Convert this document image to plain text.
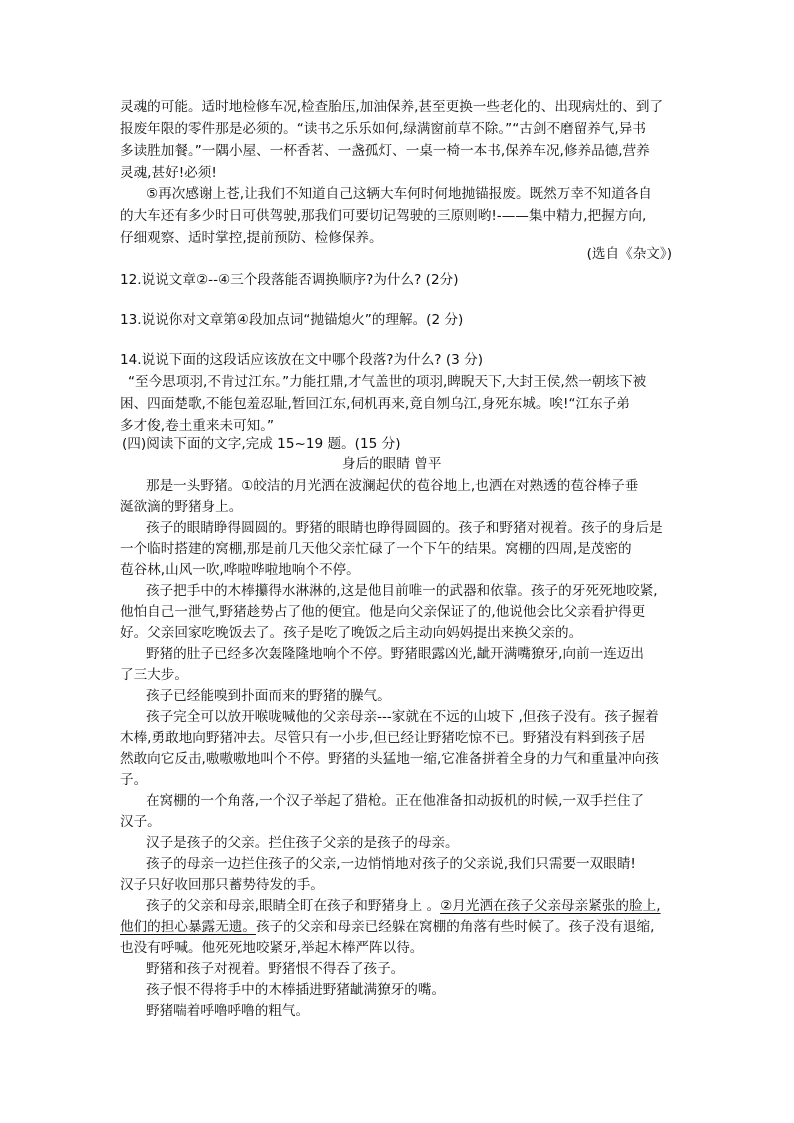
灵魂的可能。适时地检修车况,检查胎压,加油保养,甚至更换一些老化的、出现病灶的、到了
报废年限的零件那是必须的。“读书之乐乐如何,绿满窗前草不除。”“古剑不磨留养气,异书
多读胜加餐。”一隅小屋、一杯香茗、一盏孤灯、一桌一椅一本书,保养车况,修养品德,营养
灵魂,甚好!必须!
⑤再次感谢上苍,让我们不知道自己这辆大车何时何地抛锚报废。既然万幸不知道各自
的大车还有多少时日可供驾驶,那我们可要切记驾驶的三原则哟!-——集中精力,把握方向,
仔细观察、适时掌控,提前预防、检修保养。
(选自《杂文》)
12.说说文章②--④三个段落能否调换顺序?为什么? (2分)
13.说说你对文章第④段加点词“抛锚熄火”的理解。(2 分)
14.说说下面的这段话应该放在文中哪个段落?为什么? (3 分)
“至今思项羽,不肯过江东。”力能扛鼎,才气盖世的项羽,睥睨天下,大封王侯,然一朝垓下被
困、四面楚歌,不能包羞忍耻,暂回江东,伺机再来,竟自刎乌江,身死东城。唉!“江东子弟
多才俊,卷土重来未可知。”
(四)阅读下面的文字,完成 15~19 题。(15 分)
身后的眼睛 曾平
那是一头野猪。①皎洁的月光洒在波澜起伏的苞谷地上,也洒在对熟透的苞谷棒子垂
涎欲滴的野猪身上。
孩子的眼睛睁得圆圆的。野猪的眼睛也睁得圆圆的。孩子和野猪对视着。孩子的身后是
一个临时搭建的窝棚,那是前几天他父亲忙碌了一个下午的结果。窝棚的四周,是茂密的
苞谷林,山风一吹,哗啦哗啦地响个不停。
孩子把手中的木棒攥得水淋淋的,这是他目前唯一的武器和依靠。孩子的牙死死地咬紧,
他怕自己一泄气,野猪趁势占了他的便宜。他是向父亲保证了的,他说他会比父亲看护得更
好。父亲回家吃晚饭去了。孩子是吃了晚饭之后主动向妈妈提出来换父亲的。
野猪的肚子已经多次轰隆隆地响个不停。野猪眼露凶光,龇开满嘴獠牙,向前一连迈出
了三大步。
孩子已经能嗅到扑面而来的野猪的臊气。
孩子完全可以放开喉咙喊他的父亲母亲---家就在不远的山坡下 ,但孩子没有。孩子握着
木棒,勇敢地向野猪冲去。尽管只有一小步,但已经让野猪吃惊不已。野猪没有料到孩子居
然敢向它反击,嗷嗷嗷地叫个不停。野猪的头猛地一缩,它准备拼着全身的力气和重量冲向孩
子。
在窝棚的一个角落,一个汉子举起了猎枪。正在他准备扣动扳机的时候,一双手拦住了
汉子。
汉子是孩子的父亲。拦住孩子父亲的是孩子的母亲。
孩子的母亲一边拦住孩子的父亲,一边悄悄地对孩子的父亲说,我们只需要一双眼睛!
汉子只好收回那只蓄势待发的手。
孩子的父亲和母亲,眼睛全盯在孩子和野猪身上 。②月光洒在孩子父亲母亲紧张的脸上,
他们的担心暴露无遗。孩子的父亲和母亲已经躲在窝棚的角落有些时候了。孩子没有退缩,
也没有呼喊。他死死地咬紧牙,举起木棒严阵以待。
野猪和孩子对视着。野猪恨不得吞了孩子。
孩子恨不得将手中的木棒插进野猪龇满獠牙的嘴。
野猪喘着呼噜呼噜的粗气。
